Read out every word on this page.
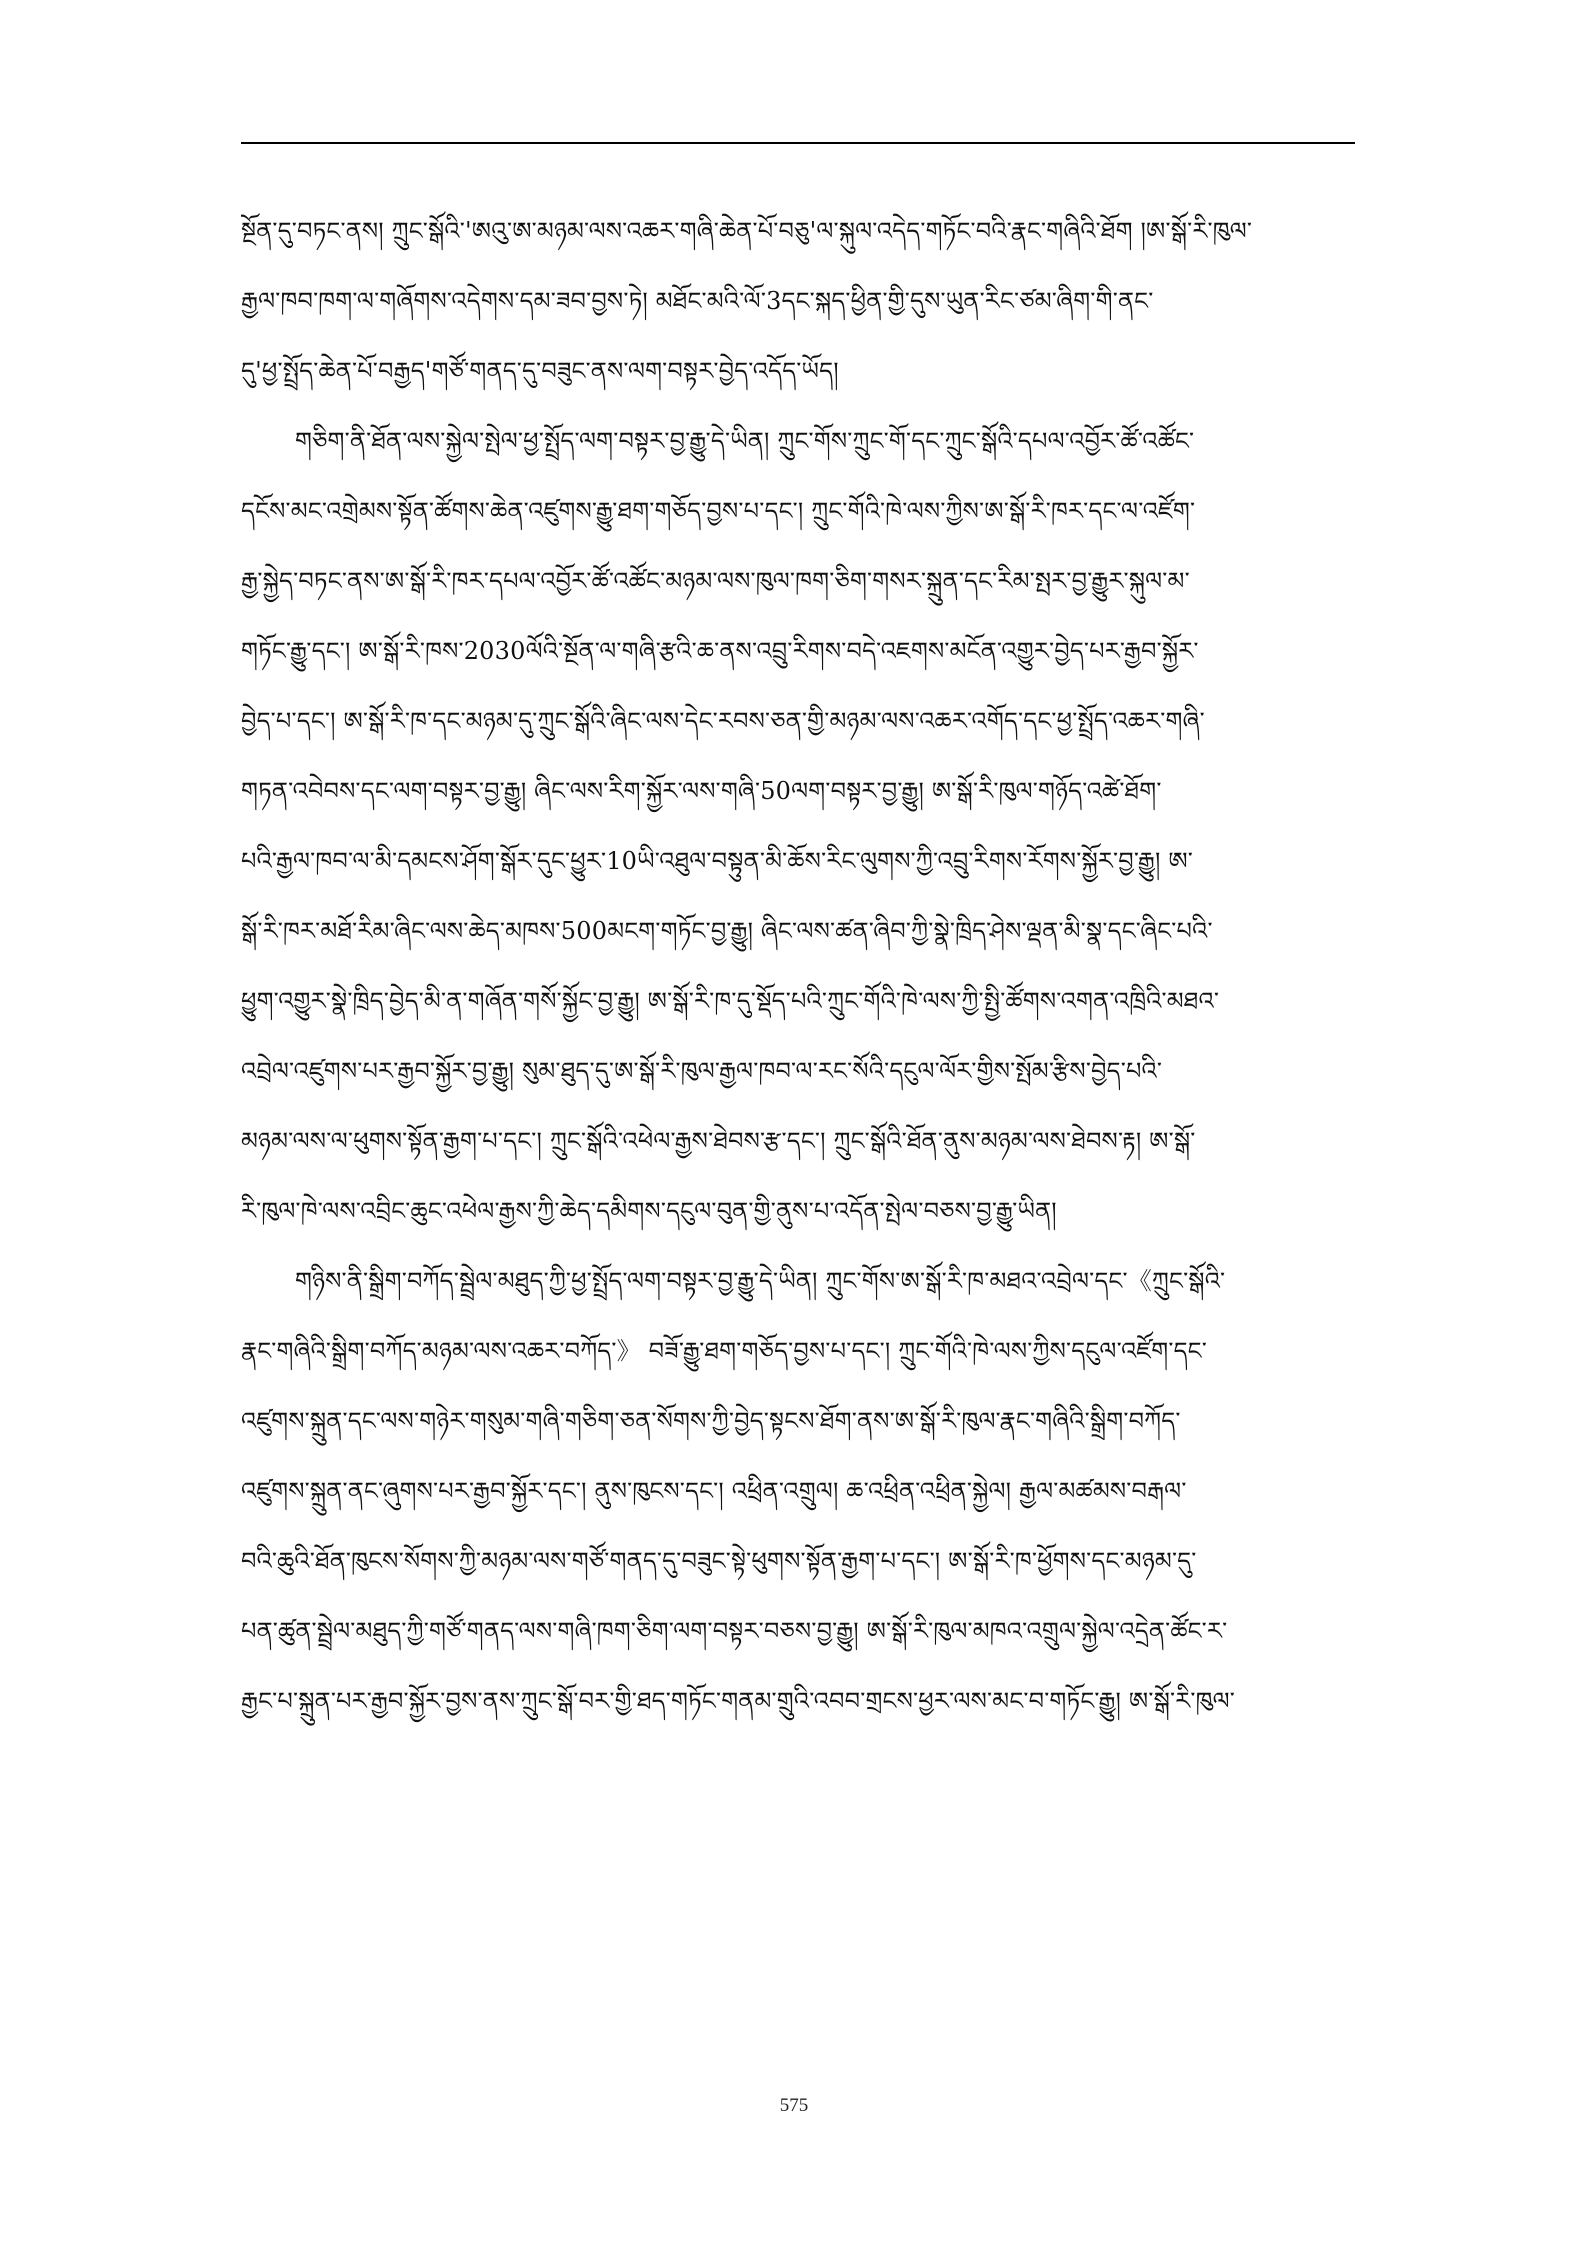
སྔོན་དུ་བཏང་ནས། ཀྲུང་སྒོའི་'ཨའུ་ཨ་མཉམ་ལས་འཆར་གཞི་ཆེན་པོ་བཅུ'ལ་སྐུལ་འདེད་གཏོང་བའི་རྣང་གཞིའི་ཐོག །ཨ་སྒོ་རི་ཁུལ་
རྒྱལ་ཁབ་ཁག་ལ་གཞོགས་འདེགས་དམ་ཟབ་བྱས་ཏེ། མཐོང་མའི་ལོ་3དང་སྐད་ཕྱིན་གྱི་དུས་ཡུན་རིང་ཙམ་ཞིག་གི་ནང་
དུ'ཕྱ་སྤྲོད་ཆེན་པོ་བརྒྱད'གཙོ་གནད་དུ་བཟུང་ནས་ལག་བསྟར་བྱེད་འདོད་ཡོད།
གཅིག་ནི་ཐོན་ལས་སྐྱེལ་སྤེལ་ཕྱ་སྤྲོད་ལག་བསྟར་བྱ་རྒྱུ་དེ་ཡིན། ཀྲུང་གོས་ཀྲུང་གོ་དང་ཀྲུང་སྒོའི་དཔལ་འབྱོར་ཚོ་འཚོང་
དངོས་མང་འགྲེམས་སྟོན་ཚོགས་ཆེན་འཛུགས་རྒྱུ་ཐག་གཅོད་བྱས་པ་དང་། ཀྲུང་གོའི་ཁེ་ལས་ཀྱིས་ཨ་སྒོ་རི་ཁར་དང་ལ་འཛོག་
རྒྱ་སྐྱེད་བཏང་ནས་ཨ་སྒོ་རི་ཁར་དཔལ་འབྱོར་ཚོ་འཚོང་མཉམ་ལས་ཁུལ་ཁག་ཅིག་གསར་སྐྲུན་དང་རིམ་སྤར་བྱ་རྒྱུར་སྐུལ་མ་
གཏོང་རྒྱུ་དང་། ཨ་སྒོ་རི་ཁས་2030ལོའི་སྔོན་ལ་གཞི་རྩའི་ཆ་ནས་འབྲུ་རིགས་བདེ་འཇགས་མངོན་འགྱུར་བྱེད་པར་རྒྱབ་སྐྱོར་
བྱེད་པ་དང་། ཨ་སྒོ་རི་ཁ་དང་མཉམ་དུ་ཀྲུང་སྒོའི་ཞིང་ལས་དེང་རབས་ཅན་གྱི་མཉམ་ལས་འཆར་འགོད་དང་ཕྱ་སྤྲོད་འཆར་གཞི་
གཏན་འབེབས་དང་ལག་བསྟར་བྱ་རྒྱུ། ཞིང་ལས་རིག་སྐྱོར་ལས་གཞི་50ལག་བསྟར་བྱ་རྒྱུ། ཨ་སྒོ་རི་ཁུལ་གཉོད་འཚེ་ཐོག་
པའི་རྒྱལ་ཁབ་ལ་མི་དམངས་ཤོག་སྒོར་དུང་ཕྱུར་10ཡི་འཐུལ་བསྟུན་མི་ཆོས་རིང་ལུགས་ཀྱི་འབྲུ་རིགས་རོགས་སྐྱོར་བྱ་རྒྱུ། ཨ་
སྒོ་རི་ཁར་མཐོ་རིམ་ཞིང་ལས་ཆེད་མཁས་500མངག་གཏོང་བྱ་རྒྱུ། ཞིང་ལས་ཚན་ཞིབ་ཀྱི་སྣེ་ཁྲིད་ཤེས་ལྡན་མི་སྣ་དང་ཞིང་པའི་
ཕྱུག་འགྱུར་སྣེ་ཁྲིད་བྱེད་མི་ན་གཞོན་གསོ་སྐྱོང་བྱ་རྒྱུ། ཨ་སྒོ་རི་ཁ་དུ་སྡོད་པའི་ཀྲུང་གོའི་ཁེ་ལས་ཀྱི་སྤྱི་ཚོགས་འགན་འཁྲིའི་མཐའ་
འབྲེལ་འཛུགས་པར་རྒྱབ་སྐྱོར་བྱ་རྒྱུ། སུམ་ཐུད་དུ་ཨ་སྒོ་རི་ཁུལ་རྒྱལ་ཁབ་ལ་རང་སོའི་དངུལ་ལོར་གྱིས་སྤོམ་རྩིས་བྱེད་པའི་
མཉམ་ལས་ལ་ཕུགས་སྟོན་རྒྱག་པ་དང་། ཀྲུང་སྒོའི་འཕེལ་རྒྱས་ཐེབས་རྩ་དང་། ཀྲུང་སྒོའི་ཐོན་ནུས་མཉམ་ལས་ཐེབས་རྟ། ཨ་སྒོ་
རི་ཁུལ་ཁེ་ལས་འབྲིང་ཆུང་འཕེལ་རྒྱས་ཀྱི་ཆེད་དམིགས་དངུལ་བུན་གྱི་ནུས་པ་འདོན་སྤེལ་བཅས་བྱ་རྒྱུ་ཡིན།
གཉིས་ནི་སྒྲིག་བཀོད་སྦྲེལ་མཐུད་ཀྱི་ཕྱ་སྤྲོད་ལག་བསྟར་བྱ་རྒྱུ་དེ་ཡིན། ཀྲུང་གོས་ཨ་སྒོ་རི་ཁ་མཐའ་འབྲེལ་དང་《ཀྲུང་སྒོའི་
རྣང་གཞིའི་སྒྲིག་བཀོད་མཉམ་ལས་འཆར་བཀོད་》 བཟོ་རྒྱུ་ཐག་གཅོད་བྱས་པ་དང་། ཀྲུང་གོའི་ཁེ་ལས་ཀྱིས་དངུལ་འཛོག་དང་
འཛུགས་སྐྲུན་དང་ལས་གཉེར་གསུམ་གཞི་གཅིག་ཅན་སོགས་ཀྱི་བྱེད་སྟངས་ཐོག་ནས་ཨ་སྒོ་རི་ཁུལ་རྣང་གཞིའི་སྒྲིག་བཀོད་
འཛུགས་སྐྲུན་ནང་ཞུགས་པར་རྒྱབ་སྐྱོར་དང་། ནུས་ཁུངས་དང་། འཕྲིན་འགྲུལ། ཆ་འཕྲིན་འཕྲིན་སྐྱེལ། རྒྱལ་མཚམས་བརྒལ་
བའི་ཆུའི་ཐོན་ཁུངས་སོགས་ཀྱི་མཉམ་ལས་གཙོ་གནད་དུ་བཟུང་སྟེ་ཕུགས་སྟོན་རྒྱག་པ་དང་། ཨ་སྒོ་རི་ཁ་ཕྱོགས་དང་མཉམ་དུ་
པན་ཚུན་སྦྲེལ་མཐུད་ཀྱི་གཙོ་གནད་ལས་གཞི་ཁག་ཅིག་ལག་བསྟར་བཅས་བྱ་རྒྱུ། ཨ་སྒོ་རི་ཁུལ་མཁའ་འགྲུལ་སྐྱེལ་འདྲེན་ཚོང་ར་
རྒྱང་པ་སྐྲུན་པར་རྒྱབ་སྐྱོར་བྱས་ནས་ཀྲུང་སྒོ་བར་གྱི་ཐད་གཏོང་གནམ་གྲུའི་འབབ་གྲངས་ཕྱར་ལས་མང་བ་གཏོང་རྒྱུ། ཨ་སྒོ་རི་ཁུལ་
575
